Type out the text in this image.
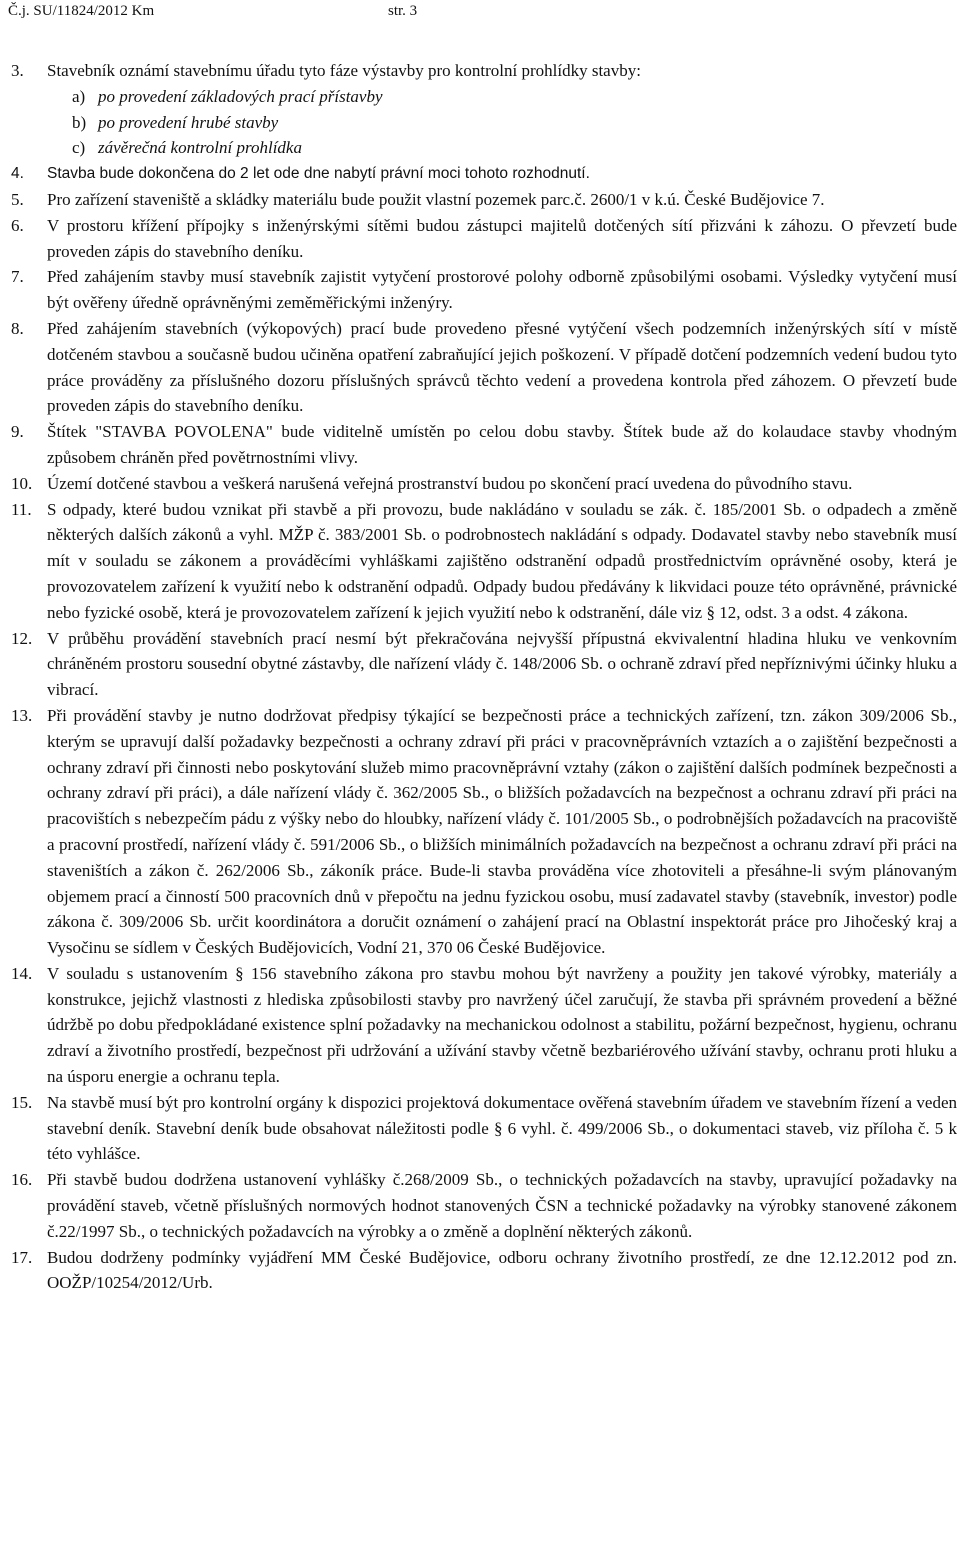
Č.j. SU/11824/2012 Km	str. 3
3. Stavebník oznámí stavebnímu úřadu tyto fáze výstavby pro kontrolní prohlídky stavby:
a) po provedení základových prací přístavby
b) po provedení hrubé stavby
c) závěrečná kontrolní prohlídka
4. Stavba bude dokončena do 2 let ode dne nabytí právní moci tohoto rozhodnutí.
5. Pro zařízení staveniště a skládky materiálu bude použit vlastní pozemek parc.č. 2600/1 v k.ú. České Budějovice 7.
6. V prostoru křížení přípojky s inženýrskými sítěmi budou zástupci majitelů dotčených sítí přizváni k záhozu. O převzetí bude proveden zápis do stavebního deníku.
7. Před zahájením stavby musí stavebník zajistit vytyčení prostorové polohy odborně způsobilými osobami. Výsledky vytyčení musí být ověřeny úředně oprávněnými zeměměřickými inženýry.
8. Před zahájením stavebních (výkopových) prací bude provedeno přesné vytýčení všech podzemních inženýrských sítí v místě dotčeném stavbou a současně budou učiněna opatření zabraňující jejich poškození. V případě dotčení podzemních vedení budou tyto práce prováděny za příslušného dozoru příslušných správců těchto vedení a provedena kontrola před záhozem. O převzetí bude proveden zápis do stavebního deníku.
9. Štítek "STAVBA POVOLENA" bude viditelně umístěn po celou dobu stavby. Štítek bude až do kolaudace stavby vhodným způsobem chráněn před povětrnostními vlivy.
10. Území dotčené stavbou a veškerá narušená veřejná prostranství budou po skončení prací uvedena do původního stavu.
11. S odpady, které budou vznikat při stavbě a při provozu, bude nakládáno v souladu se zák. č. 185/2001 Sb. o odpadech a změně některých dalších zákonů a vyhl. MŽP č. 383/2001 Sb. o podrobnostech nakládání s odpady. Dodavatel stavby nebo stavebník musí mít v souladu se zákonem a prováděcími vyhláškami zajištěno odstranění odpadů prostřednictvím oprávněné osoby, která je provozovatelem zařízení k využití nebo k odstranění odpadů. Odpady budou předávány k likvidaci pouze této oprávněné, právnické nebo fyzické osobě, která je provozovatelem zařízení k jejich využití nebo k odstranění, dále viz § 12, odst. 3 a odst. 4 zákona.
12. V průběhu provádění stavebních prací nesmí být překračována nejvyšší přípustná ekvivalentní hladina hluku ve venkovním chráněném prostoru sousední obytné zástavby, dle nařízení vlády č. 148/2006 Sb. o ochraně zdraví před nepříznivými účinky hluku a vibrací.
13. Při provádění stavby je nutno dodržovat předpisy týkající se bezpečnosti práce a technických zařízení, tzn. zákon 309/2006 Sb., kterým se upravují další požadavky bezpečnosti a ochrany zdraví při práci v pracovněprávních vztazích a o zajištění bezpečnosti a ochrany zdraví při činnosti nebo poskytování služeb mimo pracovněprávní vztahy (zákon o zajištění dalších podmínek bezpečnosti a ochrany zdraví při práci), a dále nařízení vlády č. 362/2005 Sb., o bližších požadavcích na bezpečnost a ochranu zdraví při práci na pracovištích s nebezpečím pádu z výšky nebo do hloubky, nařízení vlády č. 101/2005 Sb., o podrobnějších požadavcích na pracoviště a pracovní prostředí, nařízení vlády č. 591/2006 Sb., o bližších minimálních požadavcích na bezpečnost a ochranu zdraví při práci na staveništích a zákon č. 262/2006 Sb., zákoník práce. Bude-li stavba prováděna více zhotoviteli a přesáhne-li svým plánovaným objemem prací a činností 500 pracovních dnů v přepočtu na jednu fyzickou osobu, musí zadavatel stavby (stavebník, investor) podle zákona č. 309/2006 Sb. určit koordinátora a doručit oznámení o zahájení prací na Oblastní inspektorát práce pro Jihočeský kraj a Vysočinu se sídlem v Českých Budějovicích, Vodní 21, 370 06 České Budějovice.
14. V souladu s ustanovením § 156 stavebního zákona pro stavbu mohou být navrženy a použity jen takové výrobky, materiály a konstrukce, jejichž vlastnosti z hlediska způsobilosti stavby pro navržený účel zaručují, že stavba při správném provedení a běžné údržbě po dobu předpokládané existence splní požadavky na mechanickou odolnost a stabilitu, požární bezpečnost, hygienu, ochranu zdraví a životního prostředí, bezpečnost při udržování a užívání stavby včetně bezbariérového užívání stavby, ochranu proti hluku a na úsporu energie a ochranu tepla.
15. Na stavbě musí být pro kontrolní orgány k dispozici projektová dokumentace ověřená stavebním úřadem ve stavebním řízení a veden stavební deník. Stavební deník bude obsahovat náležitosti podle § 6 vyhl. č. 499/2006 Sb., o dokumentaci staveb, viz příloha č. 5 k této vyhlášce.
16. Při stavbě budou dodržena ustanovení vyhlášky č.268/2009 Sb., o technických požadavcích na stavby, upravující požadavky na provádění staveb, včetně příslušných normových hodnot stanovených ČSN a technické požadavky na výrobky stanovené zákonem č.22/1997 Sb., o technických požadavcích na výrobky a o změně a doplnění některých zákonů.
17. Budou dodrženy podmínky vyjádření MM České Budějovice, odboru ochrany životního prostředí, ze dne 12.12.2012 pod zn. OOŽP/10254/2012/Urb.
